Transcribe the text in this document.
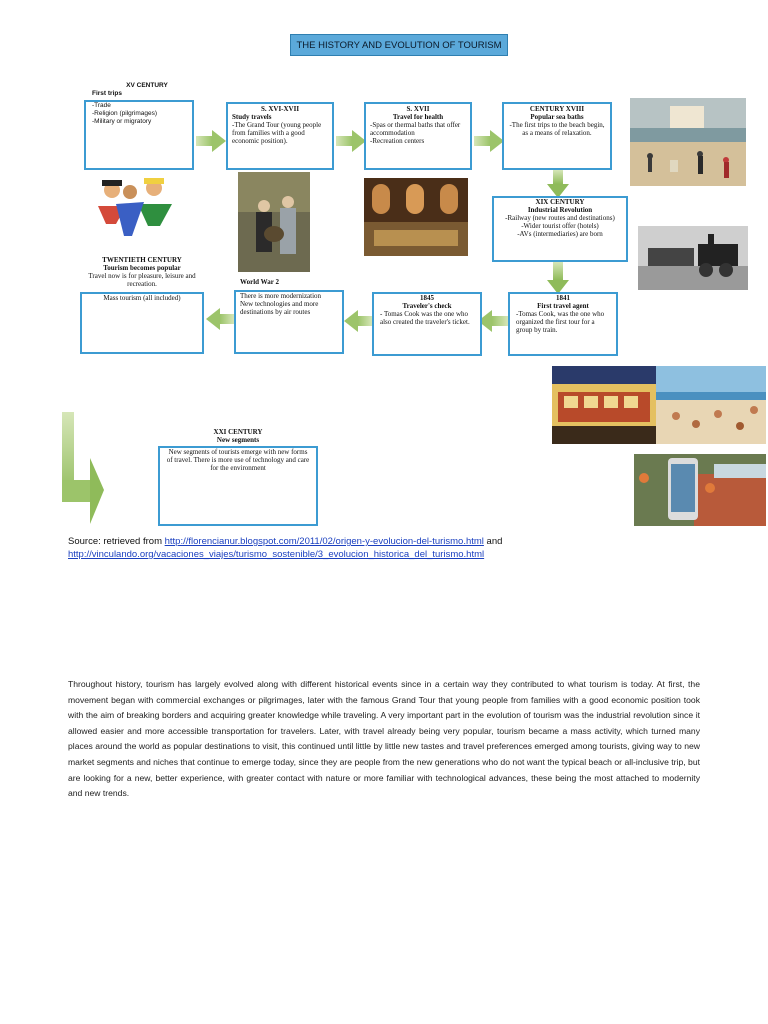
THE HISTORY AND EVOLUTION OF TOURISM
XV CENTURY
First trips
-Trade
-Religion (pilgrimages)
-Military or migratory
S. XVI-XVII
Study travels
-The Grand Tour (young people from families with a good economic position).
S. XVII
Travel for health
-Spas or thermal baths that offer accommodation
-Recreation centers
CENTURY XVIII
Popular sea baths
-The first trips to the beach begin, as a means of relaxation.
XIX CENTURY
Industrial Revolution
-Railway (new routes and destinations)
-Wider tourist offer (hotels)
-AVs (intermediaries) are born
1841
First travel agent
-Tomas Cook, was the one who organized the first tour for a group by train.
1845
Traveler's check
- Tomas Cook was the one who also created the traveler's ticket.
World War 2
There is more modernization
New technologies and more destinations by air routes
TWENTIETH CENTURY
Tourism becomes popular
Travel now is for pleasure, leisure and recreation.
Mass tourism (all included)
XXI CENTURY
New segments
New segments of tourists emerge with new forms of travel. There is more use of technology and care for the environment
Source: retrieved from http://florencianur.blogspot.com/2011/02/origen-y-evolucion-del-turismo.html and
http://vinculando.org/vacaciones_viajes/turismo_sostenible/3_evolucion_historica_del_turismo.html
Throughout history, tourism has largely evolved along with different historical events since in a certain way they contributed to what tourism is today. At first, the movement began with commercial exchanges or pilgrimages, later with the famous Grand Tour that young people from families with a good economic position took with the aim of breaking borders and acquiring greater knowledge while traveling. A very important part in the evolution of tourism was the industrial revolution since it allowed easier and more accessible transportation for travelers. Later, with travel already being very popular, tourism became a mass activity, which turned many places around the world as popular destinations to visit, this continued until little by little new tastes and travel preferences emerged among tourists, giving way to new market segments and niches that continue to emerge today, since they are people from the new generations who do not want the typical beach or all-inclusive trip, but are looking for a new, better experience, with greater contact with nature or more familiar with technological advances, these being the most attached to modernity and new trends.
